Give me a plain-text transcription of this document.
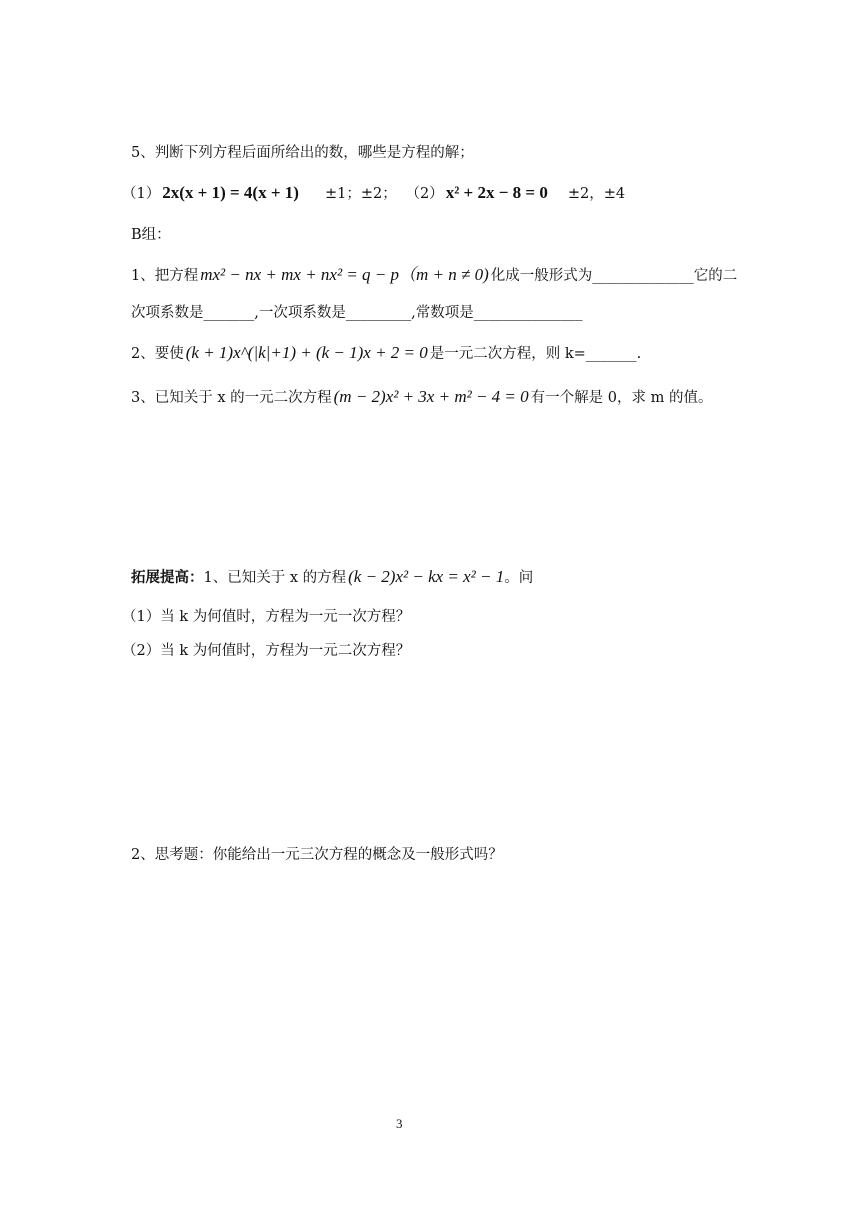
5、判断下列方程后面所给出的数，哪些是方程的解；
（1） 2x(x + 1) = 4(x + 1) ±1；±2； （2） x² + 2x − 8 = 0 ±2，±4
B组：
1、把方程 mx² − nx + mx + nx² = q − p（m + n ≠ 0) 化成一般形式为______________它的二
次项系数是_______,一次项系数是_________,常数项是_______________
2、要使 (k + 1)x^(|k|+1) + (k − 1)x + 2 = 0 是一元二次方程，则 k=_______.
3、已知关于 x 的一元二次方程 (m − 2)x² + 3x + m² − 4 = 0 有一个解是 0，求 m 的值。
拓展提高：1、已知关于 x 的方程 (k − 2)x² − kx = x² − 1。问
（1）当 k 为何值时，方程为一元一次方程？
（2）当 k 为何值时，方程为一元二次方程？
2、思考题：你能给出一元三次方程的概念及一般形式吗？
3
